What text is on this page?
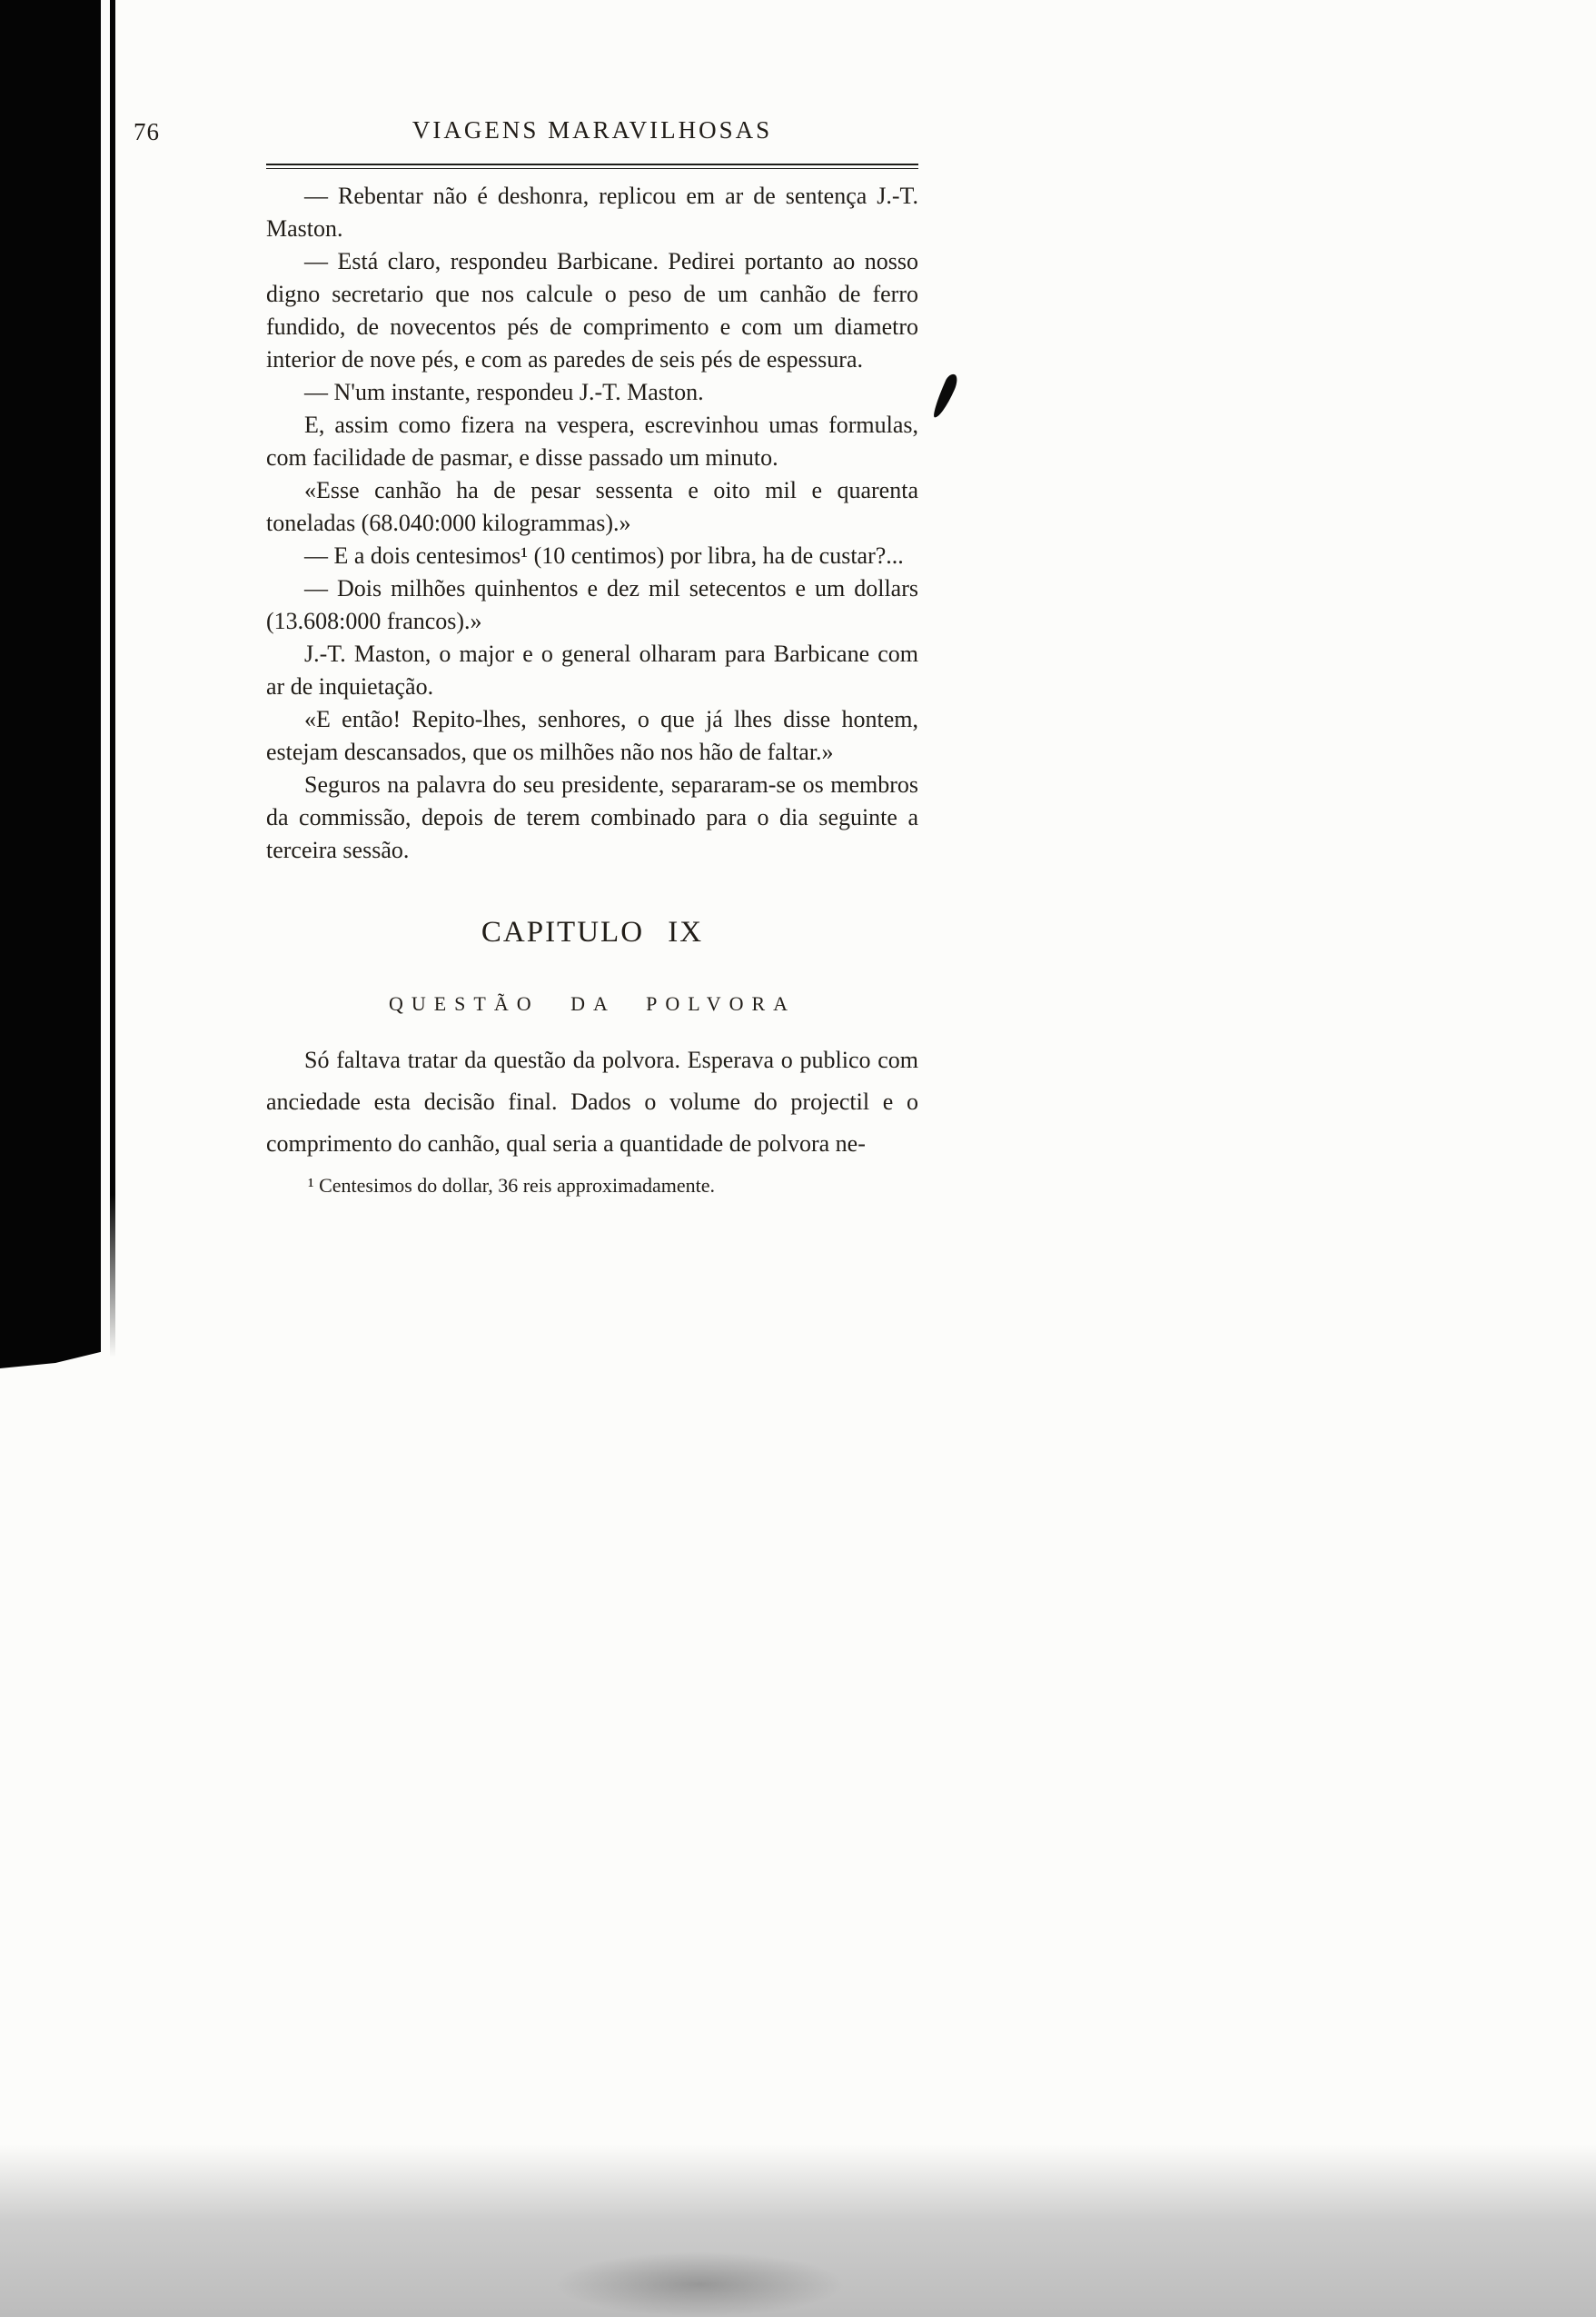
76	VIAGENS MARAVILHOSAS

— Rebentar não é deshonra, replicou em ar de sentença J.-T. Maston.

— Está claro, respondeu Barbicane. Pedirei portanto ao nosso digno secretario que nos calcule o peso de um canhão de ferro fundido, de novecentos pés de comprimento e com um diametro interior de nove pés, e com as paredes de seis pés de espessura.

— N'um instante, respondeu J.-T. Maston.

E, assim como fizera na vespera, escrevinhou umas formulas, com facilidade de pasmar, e disse passado um minuto.

«Esse canhão ha de pesar sessenta e oito mil e quarenta toneladas (68.040:000 kilogrammas).»

— E a dois centesimos¹ (10 centimos) por libra, ha de custar?...

— Dois milhões quinhentos e dez mil setecentos e um dollars (13.608:000 francos).»

J.-T. Maston, o major e o general olharam para Barbicane com ar de inquietação.

«E então! Repito-lhes, senhores, o que já lhes disse hontem, estejam descansados, que os milhões não nos hão de faltar.»

Seguros na palavra do seu presidente, separaram-se os membros da commissão, depois de terem combinado para o dia seguinte a terceira sessão.

CAPITULO IX
QUESTÃO DA POLVORA

Só faltava tratar da questão da polvora. Esperava o publico com anciedade esta decisão final. Dados o volume do projectil e o comprimento do canhão, qual seria a quantidade de polvora ne-

¹ Centesimos do dollar, 36 reis approximadamente.
